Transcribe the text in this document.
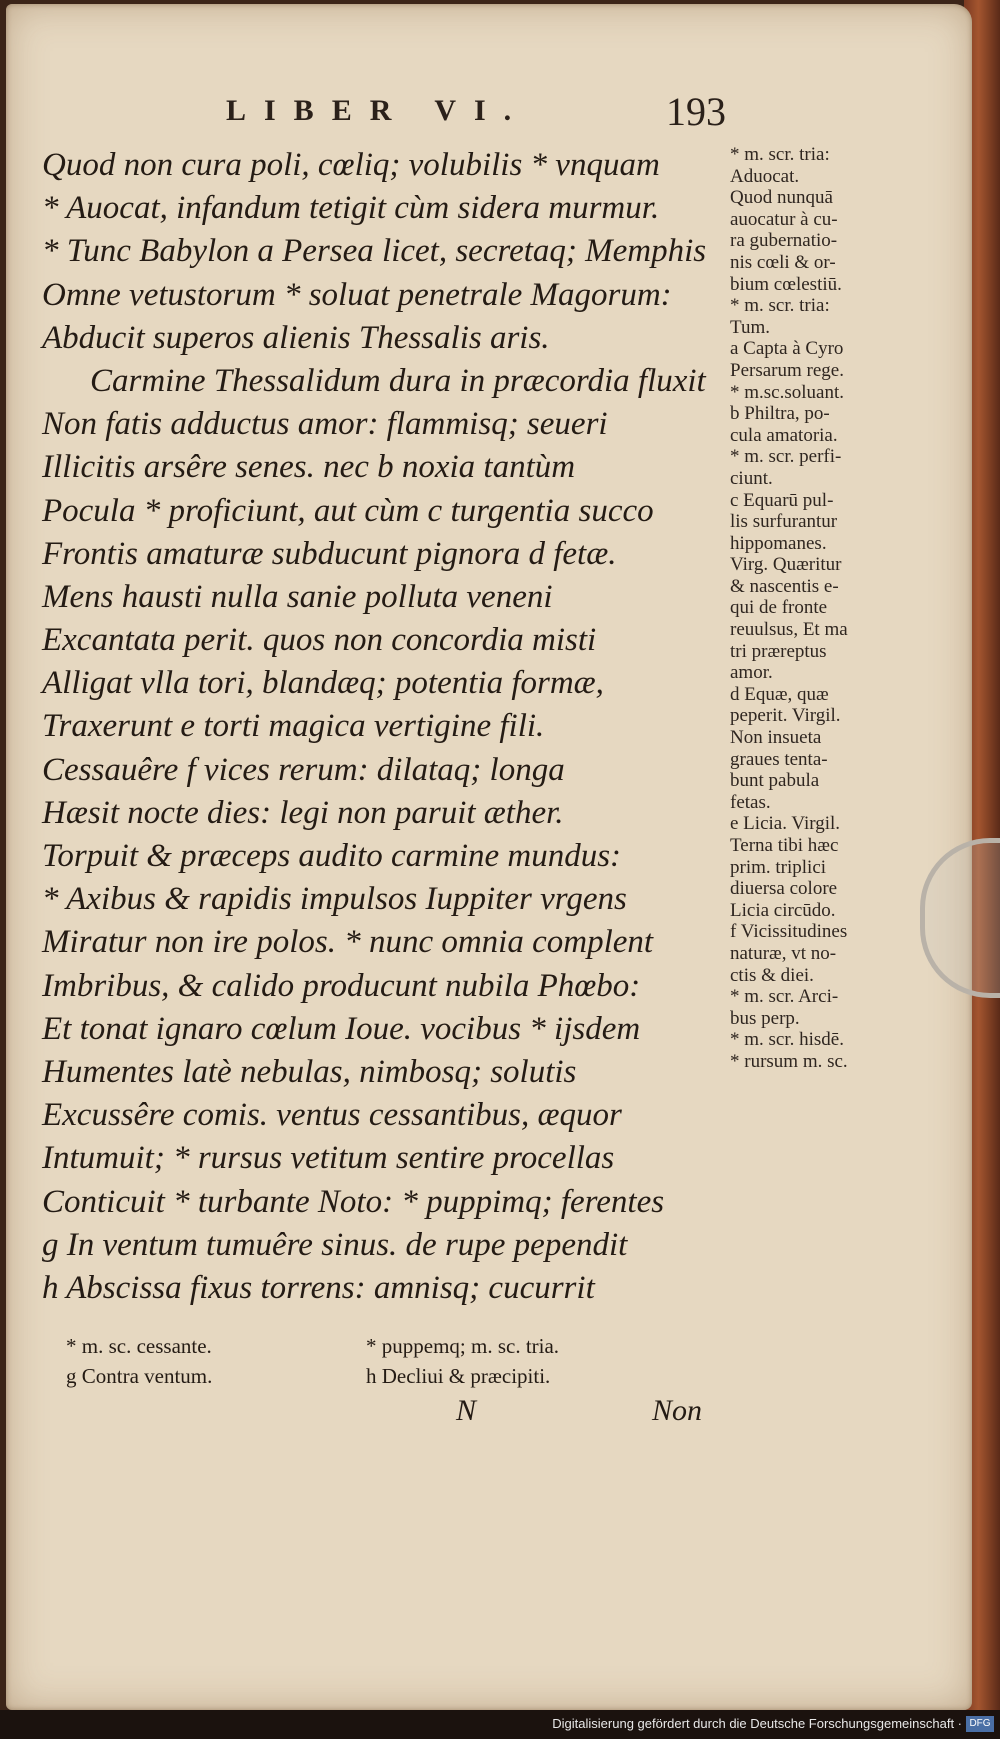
LIBER VI.	193
Quod non cura poli, cœliq; volubilis * vnquam
* Auocat, infandum tetigit cùm sidera murmur.
* Tunc Babylon a Persea licet, secretaq; Memphis
Omne vetustorum * soluat penetrale Magorum:
Abducit superos alienis Thessalis aris.
Carmine Thessalidum dura in præcordia fluxit
Non fatis adductus amor: flammisq; seueri
Illicitis arsêre senes. nec b noxia tantùm
Pocula * proficiunt, aut cùm c turgentia succo
Frontis amaturæ subducunt pignora d fetæ.
Mens hausti nulla sanie polluta veneni
Excantata perit. quos non concordia misti
Alligat vlla tori, blandæq; potentia formæ,
Traxerunt e torti magica vertigine fili.
Cessauêre f vices rerum: dilataq; longa
Hæsit nocte dies: legi non paruit æther.
Torpuit & præceps audito carmine mundus:
* Axibus & rapidis impulsos Iuppiter vrgens
Miratur non ire polos. * nunc omnia complent
Imbribus, & calido producunt nubila Phœbo:
Et tonat ignaro cœlum Ioue. vocibus * ijsdem
Humentes latè nebulas, nimbosq; solutis
Excussêre comis. ventus cessantibus, æquor
Intumuit; * rursus vetitum sentire procellas
Conticuit * turbante Noto: * puppimq; ferentes
g In ventum tumuêre sinus. de rupe pependit
h Abscissa fixus torrens: amnisq; cucurrit
* m. scr. tria:
Aduocat.
Quod nunquā
auocatur à cu-
ra gubernatio-
nis cœli & or-
bium cœlestiū.
* m. scr. tria:
Tum.
a Capta à Cyro
Persarum rege.
* m.sc.soluant.
b Philtra, po-
cula amatoria.
* m. scr. perfi-
ciunt.
c Equarū pul-
lis surfurantur
hippomanes.
Virg. Quæritur
& nascentis e-
qui de fronte
reuulsus, Et ma
tri præreptus
amor.
d Equæ, quæ
peperit. Virgil.
Non insueta
graues tenta-
bunt pabula
fetas.
e Licia. Virgil.
Terna tibi hæc
prim. triplici
diuersa colore
Licia circūdo.
f Vicissitudines
naturæ, vt no-
ctis & diei.
* m. scr. Arci-
bus perp.
* m. scr. hisdē.
* rursum m. sc.
* m. sc. cessante.
g Contra ventum.
* puppemq; m. sc. tria.
h Decliui & præcipiti.
N	Non
Digitalisierung gefördert durch die Deutsche Forschungsgemeinschaft · DFG
